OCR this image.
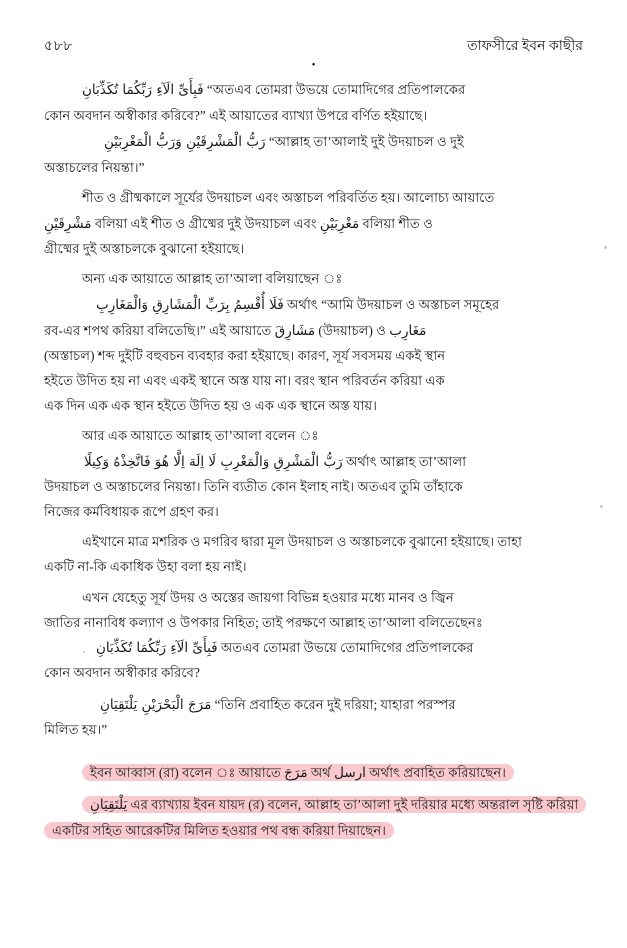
৫৮৮	তাফসীরে ইবন কাছীর
•

فَبِأَىِّ الَآءِ رَبِّكُمَا تُكَذِّبَانِ “অতএব তোমরা উভয়ে তোমাদিগের প্রতিপালকের

কোন অবদান অস্বীকার করিবে?” এই আয়াতের ব্যাখ্যা উপরে বর্ণিত হইয়াছে।

رَبُّ الْمَشْرِقَيْنِ وَرَبُّ الْمَغْرِبَيْنِ “আল্লাহ তা’আলাই দুই উদয়াচল ও দুই

অস্তাচলের নিয়ন্তা।”

শীত ও গ্রীষ্মকালে সূর্যের উদয়াচল এবং অস্তাচল পরিবর্তিত হয়। আলোচ্য আয়াতে

مَشْرِقَيْنِ বলিয়া এই শীত ও গ্রীষ্মের দুই উদয়াচল এবং مَغْرِبَيْنِ বলিয়া শীত ও

গ্রীষ্মের দুই অস্তাচলকে বুঝানো হইয়াছে।

অন্য এক আয়াতে আল্লাহ তা’আলা বলিয়াছেন ঃ

فَلَا أُقْسِمُ بِرَبِّ الْمَشَارِقِ وَالْمَغَارِبِ অর্থাৎ “আমি উদয়াচল ও অস্তাচল সমূহের

রব-এর শপথ করিয়া বলিতেছি।” এই আয়াতে مَشَارِقَ (উদয়াচল) ও مَغَارِب

(অস্তাচল) শব্দ দুইটি বহুবচন ব্যবহার করা হইয়াছে। কারণ, সূর্য সবসময় একই স্থান

হইতে উদিত হয় না এবং একই স্থানে অস্ত যায় না। বরং স্থান পরিবর্তন করিয়া এক

এক দিন এক এক স্থান হইতে উদিত হয় ও এক এক স্থানে অস্ত যায়।

আর এক আয়াতে আল্লাহ তা’আলা বলেন ঃ

رَبُّ الْمَشْرِقِ وَالْمَغْرِبِ لَا اِلَهَ اِلَّا هُوَ فَاتَّخِذْهُ وَكِيلًا অর্থাৎ আল্লাহ তা’আলা

উদয়াচল ও অস্তাচলের নিয়ন্তা। তিনি ব্যতীত কোন ইলাহ নাই। অতএব তুমি তাঁহাকে

নিজের কর্মবিধায়ক রূপে গ্রহণ কর।

এইখানে মাত্র মশরিক ও মগরিব দ্বারা মূল উদয়াচল ও অস্তাচলকে বুঝানো হইয়াছে। তাহা

একটি না-কি একাধিক উহা বলা হয় নাই।

এখন যেহেতু সূর্য উদয় ও অস্তের জায়গা বিভিন্ন হওয়ার মধ্যে মানব ও জ্বিন

জাতির নানাবিধ কল্যাণ ও উপকার নিহিত; তাই পরক্ষণে আল্লাহ তা’আলা বলিতেছেনঃ

فَبِأَىِّ الَآءِ رَبِّكُمَا تُكَذِّبَانِ অতএব তোমরা উভয়ে তোমাদিগের প্রতিপালকের

কোন অবদান অস্বীকার করিবে?

مَرَجَ الْبَحْرَيْنِ يَلْتَقِيَانِ “তিনি প্রবাহিত করেন দুই দরিয়া; যাহারা পরস্পর

মিলিত হয়।”

ইবন আব্বাস (রা) বলেন ঃ আয়াতে مَرَجَ অর্থ ارسل অর্থাৎ প্রবাহিত করিয়াছেন।

يَلْتَقِيَانِ এর ব্যাখ্যায় ইবন যায়দ (র) বলেন, আল্লাহ তা’আলা দুই দরিয়ার মধ্যে অন্তরাল সৃষ্টি করিয়া একটির সহিত আরেকটির মিলিত হওয়ার পথ বন্ধ করিয়া দিয়াছেন।
